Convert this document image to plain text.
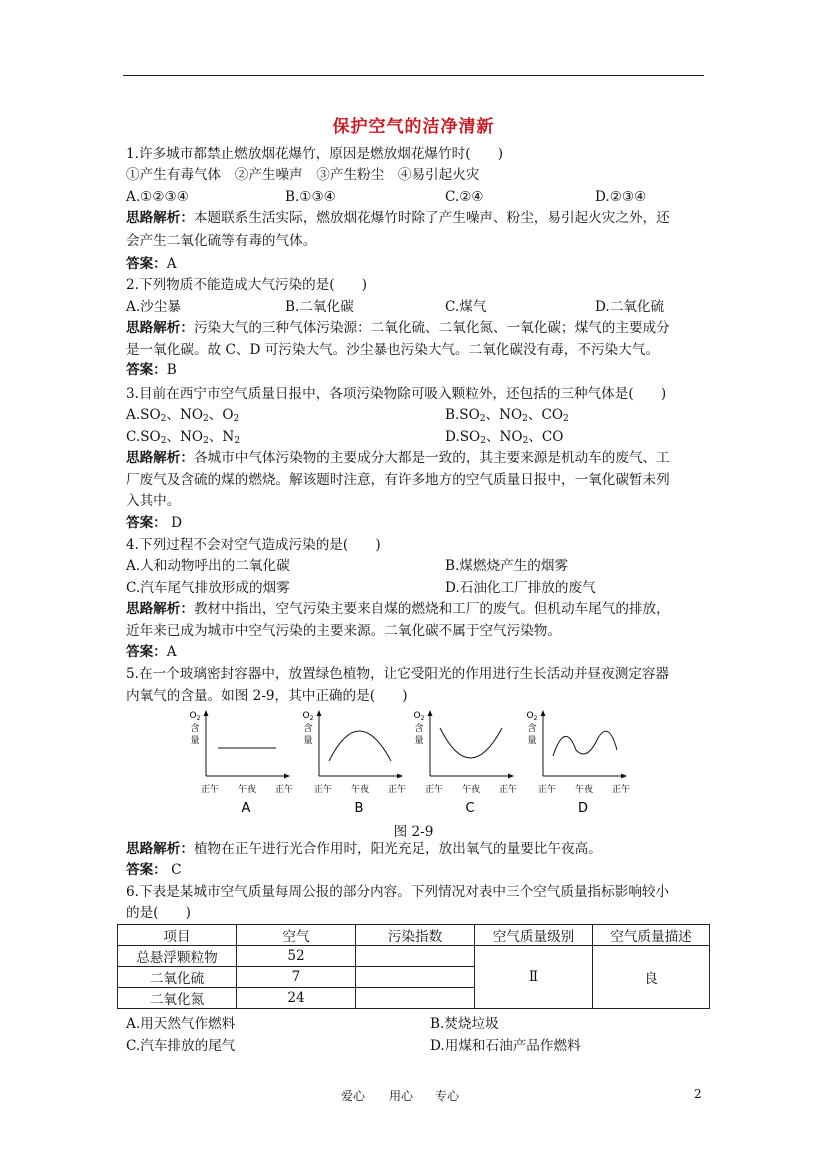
保护空气的洁净清新
1.许多城市都禁止燃放烟花爆竹，原因是燃放烟花爆竹时(　　)
①产生有毒气体　②产生噪声　③产生粉尘　④易引起火灾
A.①②③④	B.①③④	C.②④	D.②③④
思路解析：本题联系生活实际，燃放烟花爆竹时除了产生噪声、粉尘，易引起火灾之外，还
会产生二氧化硫等有毒的气体。
答案：A
2.下列物质不能造成大气污染的是(　　)
A.沙尘暴	B.二氧化碳	C.煤气	D.二氧化硫
思路解析：污染大气的三种气体污染源：二氧化硫、二氧化氮、一氧化碳；煤气的主要成分
是一氧化碳。故 C、D 可污染大气。沙尘暴也污染大气。二氧化碳没有毒，不污染大气。
答案：B
3.目前在西宁市空气质量日报中，各项污染物除可吸入颗粒外，还包括的三种气体是(　　)
$A.SO_2$、$NO_2$、$O_2$	$B.SO_2$、$NO_2$、$CO_2$
$C.SO_2$、$NO_2$、$N_2$	$D.SO_2$、$NO_2$、CO
思路解析：各城市中气体污染物的主要成分大都是一致的，其主要来源是机动车的废气、工
厂废气及含硫的煤的燃烧。解该题时注意，有许多地方的空气质量日报中，一氧化碳暂未列
入其中。
答案： D
4.下列过程不会对空气造成污染的是(　　)
A.人和动物呼出的二氧化碳	B.煤燃烧产生的烟雾
C.汽车尾气排放形成的烟雾	D.石油化工厂排放的废气
思路解析：教材中指出，空气污染主要来自煤的燃烧和工厂的废气。但机动车尾气的排放，
近年来已成为城市中空气污染的主要来源。二氧化碳不属于空气污染物。
答案：A
5.在一个玻璃密封容器中，放置绿色植物，让它受阳光的作用进行生长活动并昼夜测定容器
内氧气的含量。如图 2-9，其中正确的是(　　)
$O_2$
含
量
正午 午夜 正午
A
$O_2$
含
量
正午 午夜 正午
B
$O_2$
含
量
正午 午夜 正午
C
$O_2$
含
量
正午 午夜 正午
D
图 2-9
思路解析：植物在正午进行光合作用时，阳光充足，放出氧气的量要比午夜高。
答案： C
6.下表是某城市空气质量每周公报的部分内容。下列情况对表中三个空气质量指标影响较小
的是(　　)
项目	空气	污染指数	空气质量级别	空气质量描述
总悬浮颗粒物	52		Ⅱ	良
二氧化硫	7			
二氧化氮	24			
A.用天然气作燃料	B.焚烧垃圾
C.汽车排放的尾气	D.用煤和石油产品作燃料
爱心 用心 专心	2
